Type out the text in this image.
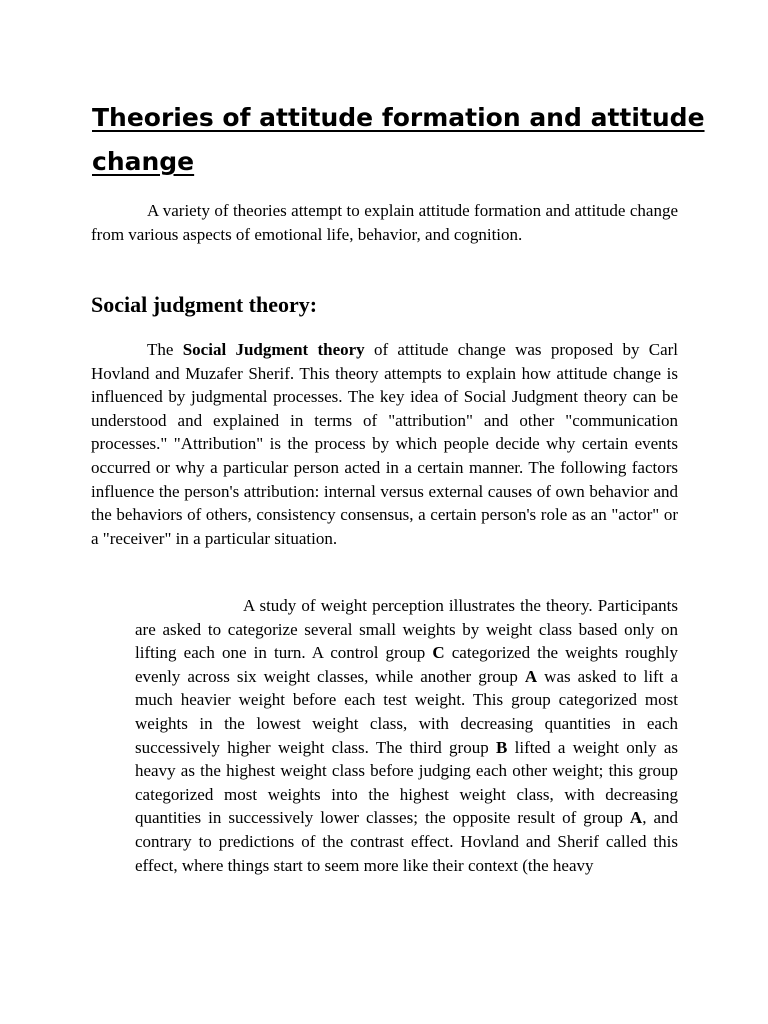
Theories of attitude formation and attitude change

A variety of theories attempt to explain attitude formation and attitude change from various aspects of emotional life, behavior, and cognition.

Social judgment theory:

The Social Judgment theory of attitude change was proposed by Carl Hovland and Muzafer Sherif. This theory attempts to explain how attitude change is influenced by judgmental processes. The key idea of Social Judgment theory can be understood and explained in terms of "attribution" and other "communication processes." "Attribution" is the process by which people decide why certain events occurred or why a particular person acted in a certain manner. The following factors influence the person's attribution: internal versus external causes of own behavior and the behaviors of others, consistency consensus, a certain person's role as an "actor" or a "receiver" in a particular situation.

A study of weight perception illustrates the theory. Participants are asked to categorize several small weights by weight class based only on lifting each one in turn. A control group C categorized the weights roughly evenly across six weight classes, while another group A was asked to lift a much heavier weight before each test weight. This group categorized most weights in the lowest weight class, with decreasing quantities in each successively higher weight class. The third group B lifted a weight only as heavy as the highest weight class before judging each other weight; this group categorized most weights into the highest weight class, with decreasing quantities in successively lower classes; the opposite result of group A, and contrary to predictions of the contrast effect. Hovland and Sherif called this effect, where things start to seem more like their context (the heavy
